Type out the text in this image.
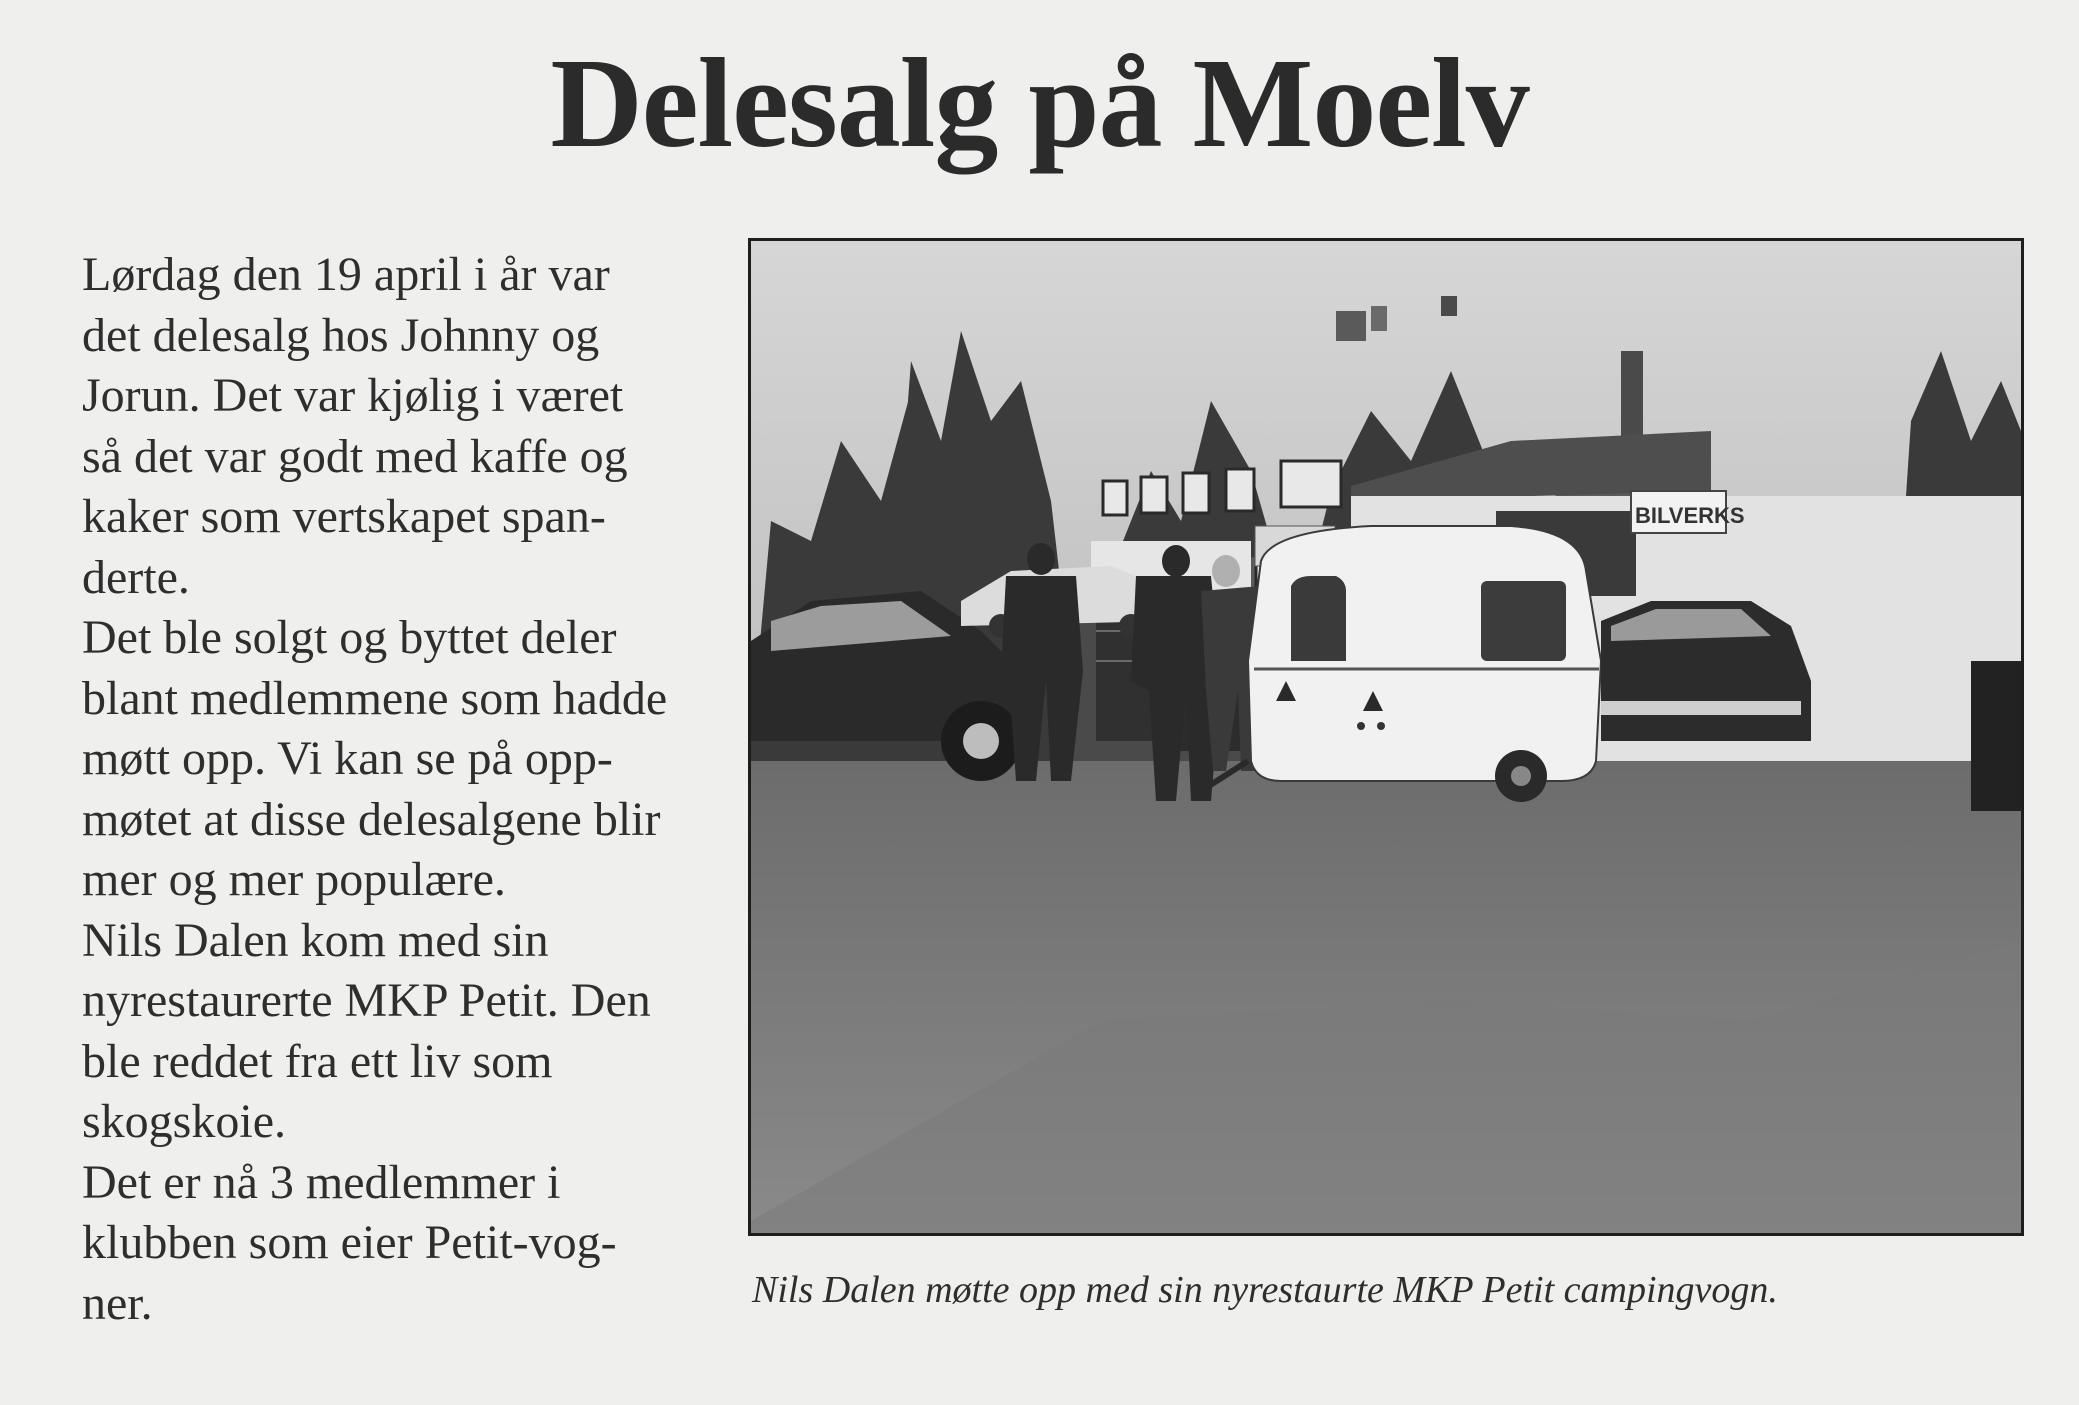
Delesalg på Moelv
Lørdag den 19 april i år var
det delesalg hos Johnny og
Jorun. Det var kjølig i været
så det var godt med kaffe og
kaker som vertskapet span-
derte.
Det ble solgt og byttet deler
blant medlemmene som hadde
møtt opp. Vi kan se på opp-
møtet at disse delesalgene blir
mer og mer populære.
Nils Dalen kom med sin
nyrestaurerte MKP Petit. Den
ble reddet fra ett liv som
skogskoie.
Det er nå 3 medlemmer i
klubben som eier Petit-vog-
ner.
BILVERKS
Nils Dalen møtte opp med sin nyrestaurte MKP Petit campingvogn.
